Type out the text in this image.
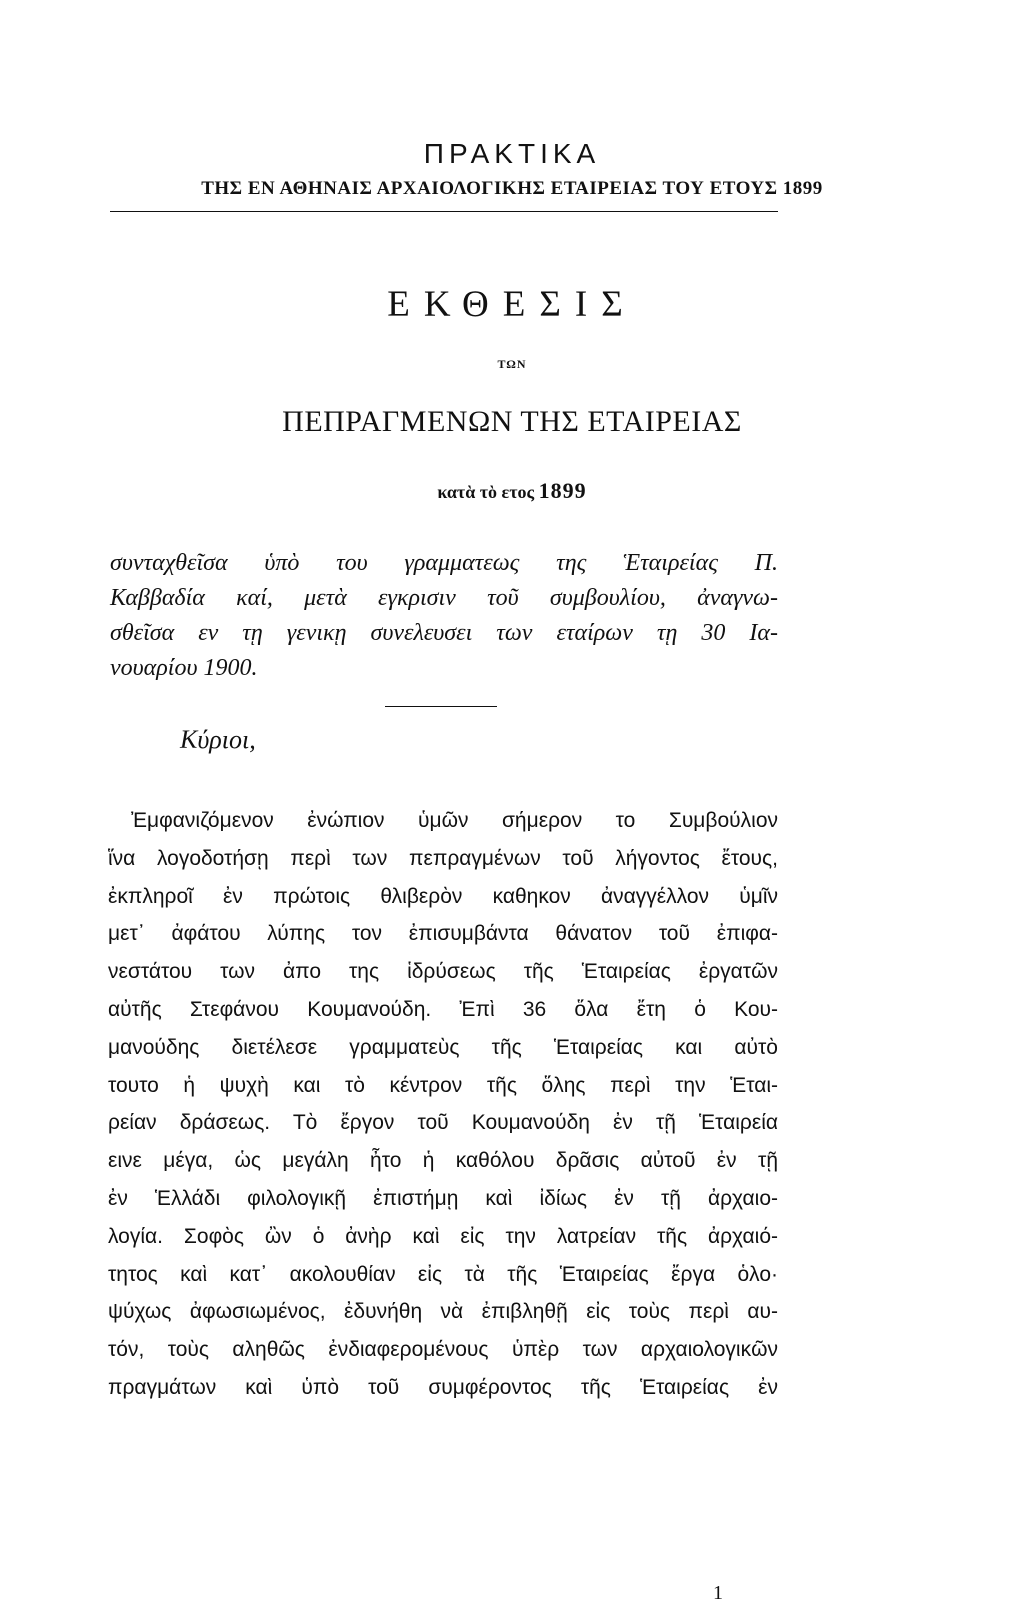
ΠΡΑΚΤΙΚΑ
ΤΗΣ ΕΝ ΑΘΗΝΑΙΣ ΑΡΧΑΙΟΛΟΓΙΚΗΣ ΕΤΑΙΡΕΙΑΣ ΤΟΥ ΕΤΟΥΣ 1899
ΕΚΘΕΣΙΣ
ΤΩΝ
ΠΕΠΡΑΓΜΕΝΩΝ ΤΗΣ ΕΤΑΙΡΕΙΑΣ
κατὰ τὸ ετος 1899
συνταχθεῖσα ὑπὸ του γραμματεως της Ἑταιρείας Π.
Καββαδία καί, μετὰ εγκρισιν τοῦ συμβουλίου, ἀναγνω-
σθεῖσα εν τῃ γενικῃ συνελευσει των εταίρων τῃ 30 Ια-
νουαρίου 1900.
Κύριοι,
Ἐμφανιζόμενον ἐνώπιον ὑμῶν σήμερον το Συμβούλιον
ἵνα λογοδοτήσῃ περὶ των πεπραγμένων τοῦ λήγοντος ἔτους,
ἐκπληροῖ ἐν πρώτοις θλιβερὸν καθηκον ἀναγγέλλον ὑμῖν
μετ᾽ ἀφάτου λύπης τον ἐπισυμβάντα θάνατον τοῦ ἐπιφα-
νεστάτου των ἀπο της ἱδρύσεως τῆς Ἑταιρείας ἐργατῶν
αὐτῆς Στεφάνου Κουμανούδη. Ἐπὶ 36 ὅλα ἔτη ὁ Κου-
μανούδης διετέλεσε γραμματεὺς τῆς Ἑταιρείας και αὐτὸ
τουτο ἡ ψυχὴ και τὸ κέντρον τῆς ὅλης περὶ την Ἑται-
ρείαν δράσεως. Τὸ ἔργον τοῦ Κουμανούδη ἐν τῇ Ἑταιρεία
εινε μέγα, ὡς μεγάλη ἦτο ἡ καθόλου δρᾶσις αὐτοῦ ἐν τῇ
ἐν Ἑλλάδι φιλολογικῇ ἐπιστήμῃ καὶ ἰδίως ἐν τῇ ἀρχαιο-
λογία. Σοφὸς ὢν ὁ ἀνὴρ καὶ εἰς την λατρείαν τῆς ἀρχαιό-
τητος καὶ κατ᾽ ακολουθίαν εἰς τὰ τῆς Ἑταιρείας ἔργα ὁλο·
ψύχως ἀφωσιωμένος, ἐδυνήθη νὰ ἐπιβληθῇ εἰς τοὺς περὶ αυ-
τόν, τοὺς αληθῶς ἐνδιαφερομένους ὑπὲρ των αρχαιολογικῶν
πραγμάτων καὶ ὑπὸ τοῦ συμφέροντος τῆς Ἑταιρείας ἐν
1
